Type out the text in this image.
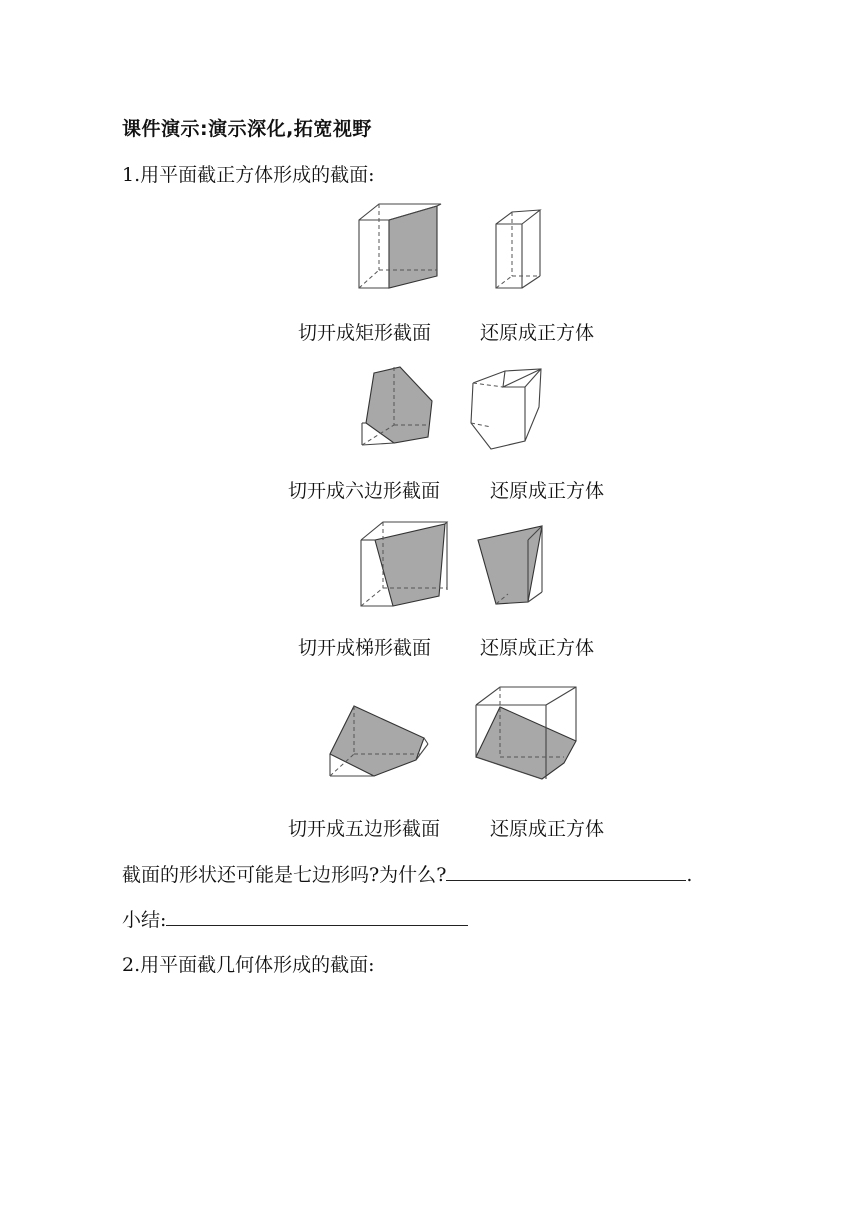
课件演示:演示深化,拓宽视野
1.用平面截正方体形成的截面:
切开成矩形截面	还原成正方体
切开成六边形截面	还原成正方体
切开成梯形截面	还原成正方体
切开成五边形截面	还原成正方体
截面的形状还可能是七边形吗?为什么?	.
小结:
2.用平面截几何体形成的截面:
